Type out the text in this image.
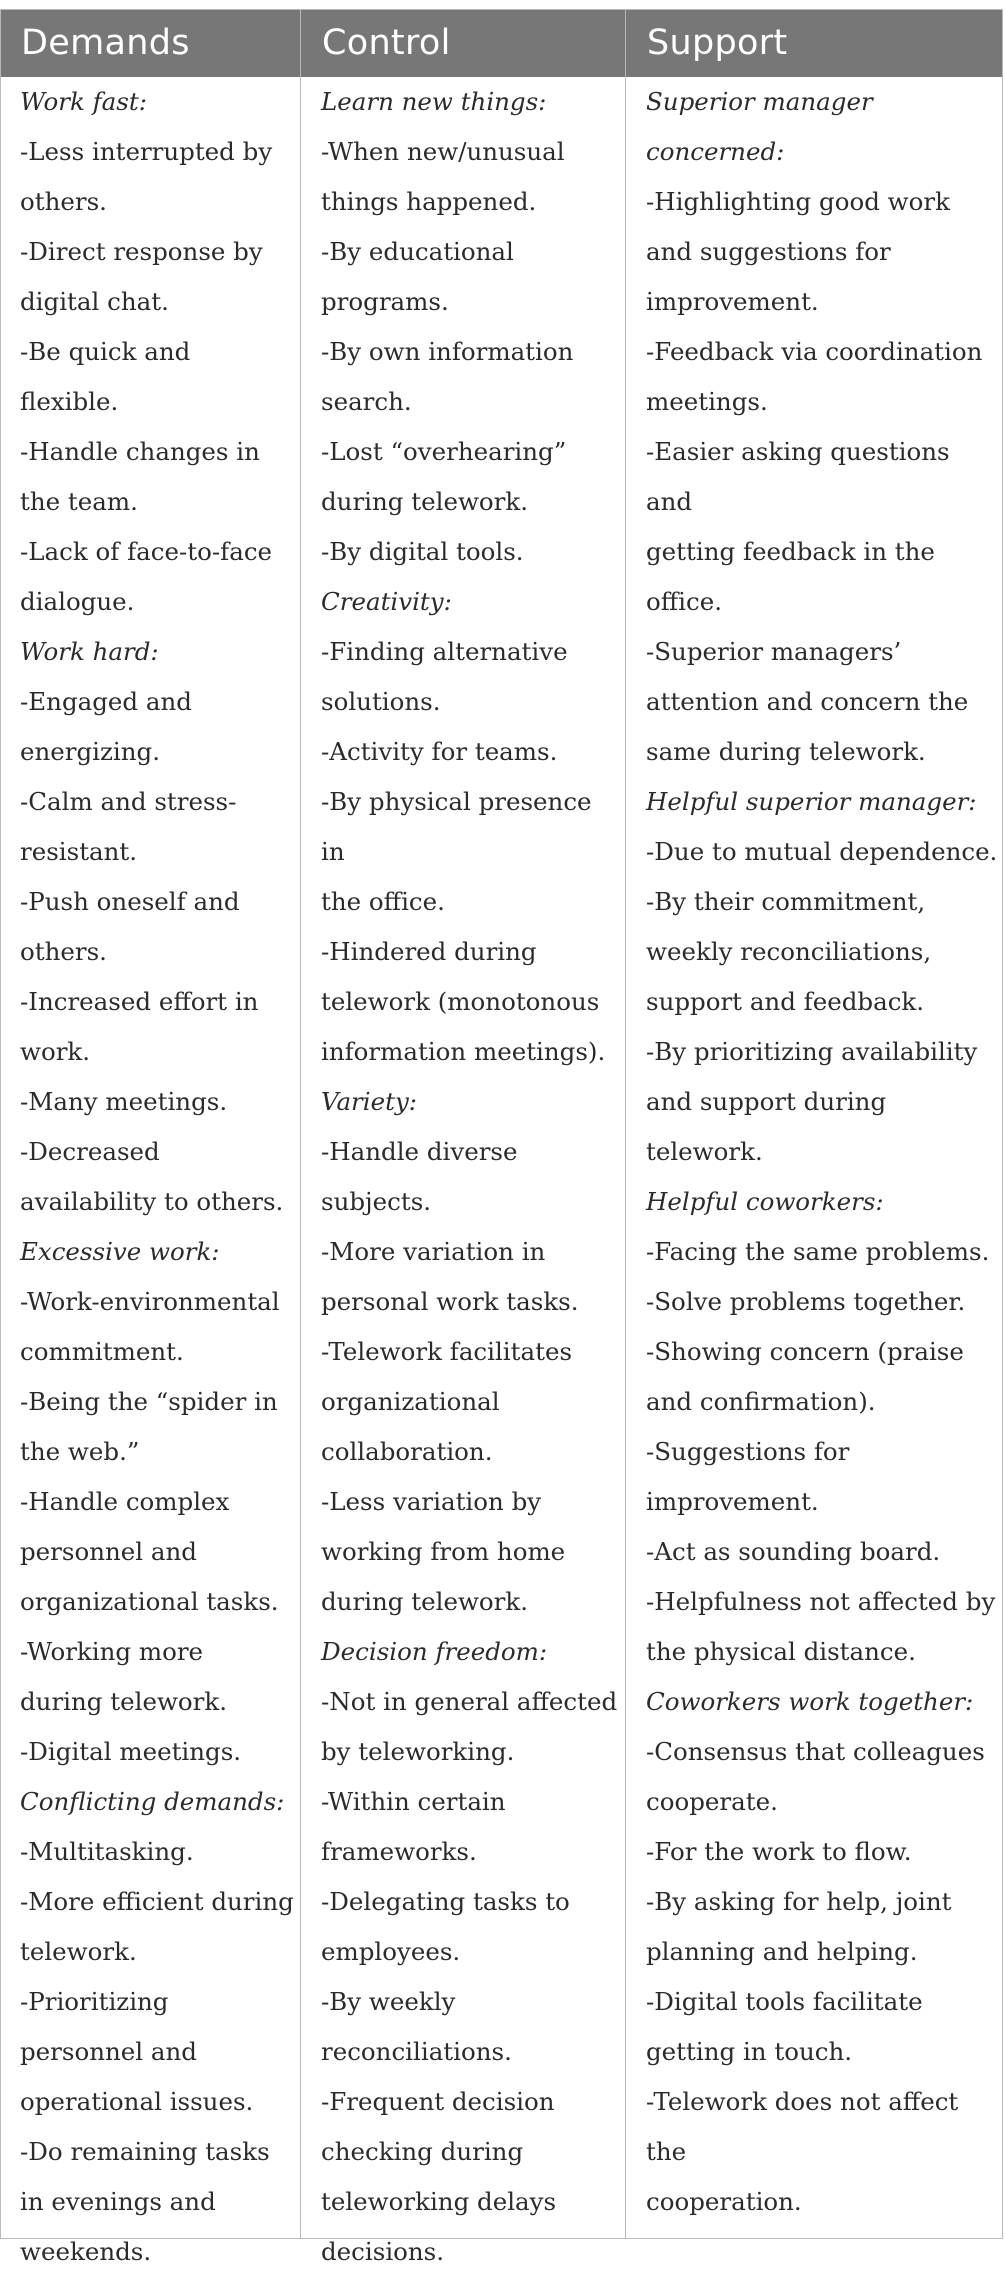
Demands	Control	Support
Work fast:
-Less interrupted by
others.
-Direct response by
digital chat.
-Be quick and flexible.
-Handle changes in
the team.
-Lack of face-to-face
dialogue.
Work hard:
-Engaged and
energizing.
-Calm and stress-
resistant.
-Push oneself and
others.
-Increased effort in
work.
-Many meetings.
-Decreased
availability to others.
Excessive work:
-Work-environmental
commitment.
-Being the “spider in
the web.”
-Handle complex
personnel and
organizational tasks.
-Working more
during telework.
-Digital meetings.
Conflicting demands:
-Multitasking.
-More efficient during
telework.
-Prioritizing
personnel and
operational issues.
-Do remaining tasks
in evenings and
weekends.
Learn new things:
-When new/unusual
things happened.
-By educational
programs.
-By own information
search.
-Lost “overhearing”
during telework.
-By digital tools.
Creativity:
-Finding alternative
solutions.
-Activity for teams.
-By physical presence in
the office.
-Hindered during
telework (monotonous
information meetings).
Variety:
-Handle diverse
subjects.
-More variation in
personal work tasks.
-Telework facilitates
organizational
collaboration.
-Less variation by
working from home
during telework.
Decision freedom:
-Not in general affected
by teleworking.
-Within certain
frameworks.
-Delegating tasks to
employees.
-By weekly
reconciliations.
-Frequent decision
checking during
teleworking delays
decisions.
Superior manager concerned:
-Highlighting good work
and suggestions for
improvement.
-Feedback via coordination
meetings.
-Easier asking questions and
getting feedback in the
office.
-Superior managers’
attention and concern the
same during telework.
Helpful superior manager:
-Due to mutual dependence.
-By their commitment,
weekly reconciliations,
support and feedback.
-By prioritizing availability
and support during
telework.
Helpful coworkers:
-Facing the same problems.
-Solve problems together.
-Showing concern (praise
and confirmation).
-Suggestions for
improvement.
-Act as sounding board.
-Helpfulness not affected by
the physical distance.
Coworkers work together:
-Consensus that colleagues
cooperate.
-For the work to flow.
-By asking for help, joint
planning and helping.
-Digital tools facilitate
getting in touch.
-Telework does not affect the
cooperation.
